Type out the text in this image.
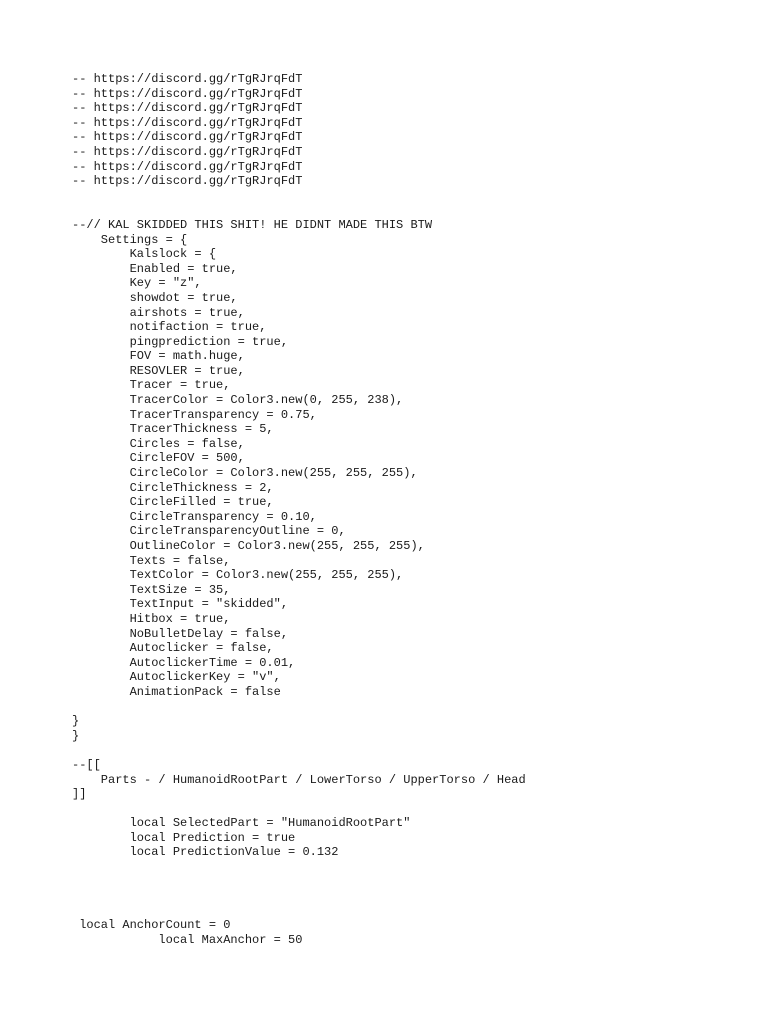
-- https://discord.gg/rTgRJrqFdT
-- https://discord.gg/rTgRJrqFdT
-- https://discord.gg/rTgRJrqFdT
-- https://discord.gg/rTgRJrqFdT
-- https://discord.gg/rTgRJrqFdT
-- https://discord.gg/rTgRJrqFdT
-- https://discord.gg/rTgRJrqFdT
-- https://discord.gg/rTgRJrqFdT
--// KAL SKIDDED THIS SHIT! HE DIDNT MADE THIS BTW
Settings = {
Kalslock = {
Enabled = true,
Key = "z",
showdot = true,
airshots = true,
notifaction = true,
pingprediction = true,
FOV = math.huge,
RESOVLER = true,
Tracer = true,
TracerColor = Color3.new(0, 255, 238),
TracerTransparency = 0.75,
TracerThickness = 5,
Circles = false,
CircleFOV = 500,
CircleColor = Color3.new(255, 255, 255),
CircleThickness = 2,
CircleFilled = true,
CircleTransparency = 0.10,
CircleTransparencyOutline = 0,
OutlineColor = Color3.new(255, 255, 255),
Texts = false,
TextColor = Color3.new(255, 255, 255),
TextSize = 35,
TextInput = "skidded",
Hitbox = true,
NoBulletDelay = false,
Autoclicker = false,
AutoclickerTime = 0.01,
AutoclickerKey = "v",
AnimationPack = false
}
}
--[[
Parts - / HumanoidRootPart / LowerTorso / UpperTorso / Head
]]
local SelectedPart = "HumanoidRootPart"
local Prediction = true
local PredictionValue = 0.132
local AnchorCount = 0
local MaxAnchor = 50
